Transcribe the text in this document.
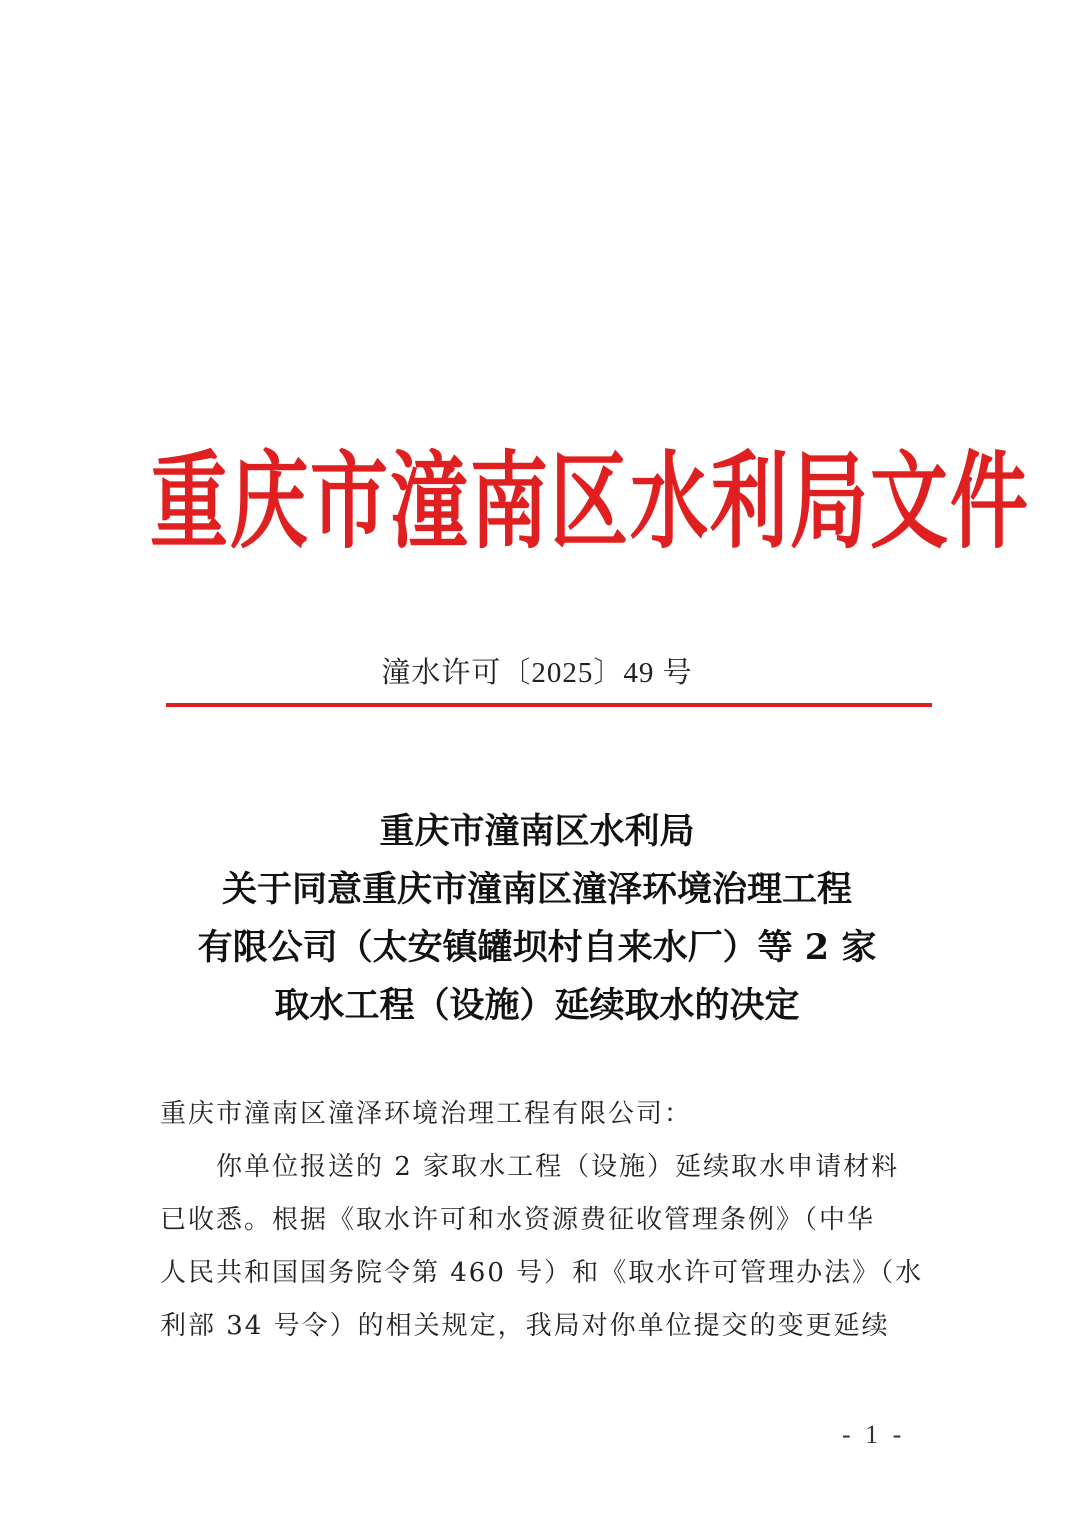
重庆市潼南区水利局文件
潼水许可〔2025〕49 号
重庆市潼南区水利局
关于同意重庆市潼南区潼泽环境治理工程
有限公司（太安镇罐坝村自来水厂）等 2 家
取水工程（设施）延续取水的决定
重庆市潼南区潼泽环境治理工程有限公司：
你单位报送的 2 家取水工程（设施）延续取水申请材料
已收悉。根据《取水许可和水资源费征收管理条例》（中华
人民共和国国务院令第 460 号）和《取水许可管理办法》（水
利部 34 号令）的相关规定，我局对你单位提交的变更延续
- 1 -
